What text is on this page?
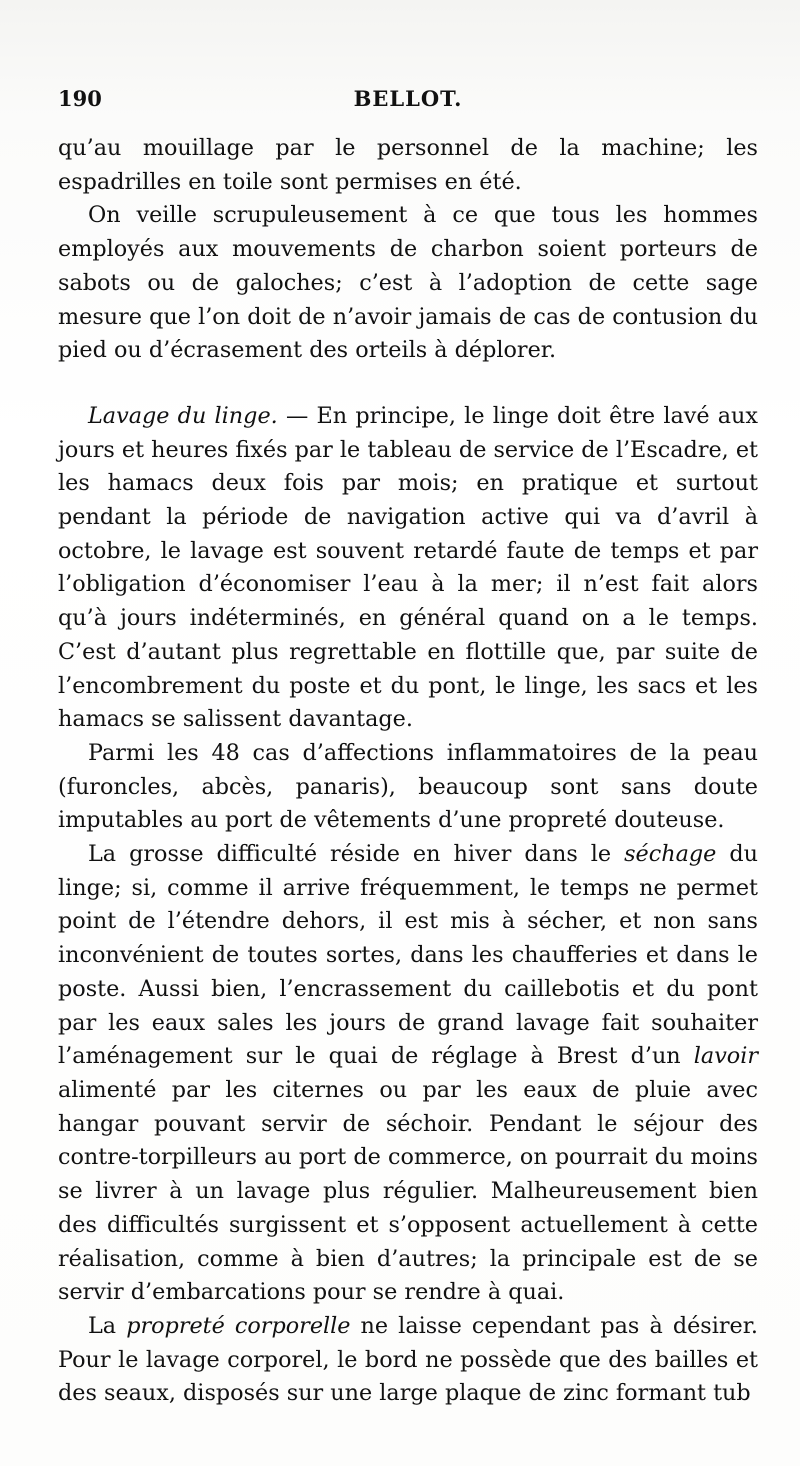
190	BELLOT.

qu’au mouillage par le personnel de la machine; les espadrilles en toile sont permises en été.

On veille scrupuleusement à ce que tous les hommes employés aux mouvements de charbon soient porteurs de sabots ou de galoches; c’est à l’adoption de cette sage mesure que l’on doit de n’avoir jamais de cas de contusion du pied ou d’écrasement des orteils à déplorer.

Lavage du linge. — En principe, le linge doit être lavé aux jours et heures fixés par le tableau de service de l’Escadre, et les hamacs deux fois par mois; en pratique et surtout pendant la période de navigation active qui va d’avril à octobre, le lavage est souvent retardé faute de temps et par l’obligation d’économiser l’eau à la mer; il n’est fait alors qu’à jours indéterminés, en général quand on a le temps. C’est d’autant plus regrettable en flottille que, par suite de l’encombrement du poste et du pont, le linge, les sacs et les hamacs se salissent davantage.

Parmi les 48 cas d’affections inflammatoires de la peau (furoncles, abcès, panaris), beaucoup sont sans doute imputables au port de vêtements d’une propreté douteuse.

La grosse difficulté réside en hiver dans le séchage du linge; si, comme il arrive fréquemment, le temps ne permet point de l’étendre dehors, il est mis à sécher, et non sans inconvénient de toutes sortes, dans les chaufferies et dans le poste. Aussi bien, l’encrassement du caillebotis et du pont par les eaux sales les jours de grand lavage fait souhaiter l’aménagement sur le quai de réglage à Brest d’un lavoir alimenté par les citernes ou par les eaux de pluie avec hangar pouvant servir de séchoir. Pendant le séjour des contre-torpilleurs au port de commerce, on pourrait du moins se livrer à un lavage plus régulier. Malheureusement bien des difficultés surgissent et s’opposent actuellement à cette réalisation, comme à bien d’autres; la principale est de se servir d’embarcations pour se rendre à quai.

La propreté corporelle ne laisse cependant pas à désirer. Pour le lavage corporel, le bord ne possède que des bailles et des seaux, disposés sur une large plaque de zinc formant tub
